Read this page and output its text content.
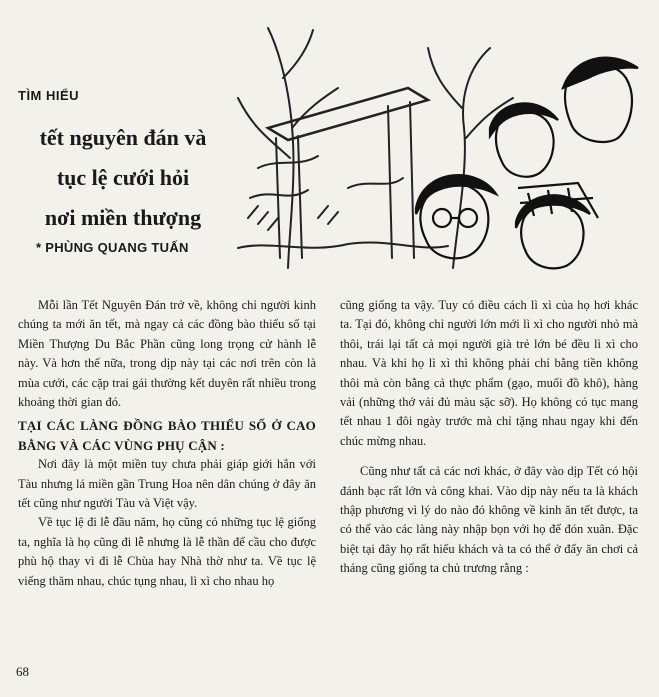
TÌM HIỂU
tết nguyên đán và
tục lệ cưới hỏi
nơi miền thượng
* PHÙNG QUANG TUẤN

Mỗi lần Tết Nguyên Đán trở về, không chỉ người kinh chúng ta mới ăn tết, mà ngay cả các đồng bào thiểu số tại Miền Thượng Du Bắc Phần cũng long trọng cử hành lễ này. Và hơn thế nữa, trong dịp này tại các nơi trên còn là mùa cưới, các cặp trai gái thường kết duyên rất nhiều trong khoảng thời gian đó.

TẠI CÁC LÀNG ĐỒNG BÀO THIỂU SỐ Ở CAO BẰNG VÀ CÁC VÙNG PHỤ CẬN :

Nơi đây là một miền tuy chưa phải giáp giới hẳn với Tàu nhưng lá miền gần Trung Hoa nên dân chúng ở đây ăn tết cũng như người Tàu và Việt vậy.

Về tục lệ đi lễ đầu năm, họ cũng có những tục lệ giống ta, nghĩa là họ cũng đi lễ nhưng là lễ thần để cầu cho được phù hộ thay vì đi lễ Chùa hay Nhà thờ như ta. Về tục lệ viếng thăm nhau, chúc tụng nhau, lì xì cho nhau họ

cũng giống ta vậy. Tuy có điều cách lì xì của họ hơi khác ta. Tại đó, không chỉ người lớn mới lì xì cho người nhỏ mà thôi, trái lại tất cả mọi người già trẻ lớn bé đều lì xì cho nhau. Và khi họ lì xì thì không phải chỉ bằng tiền không thôi mà còn bằng cả thực phẩm (gạo, muối đồ khô), hàng vải (những thớ vải đủ màu sặc sỡ). Họ không có tục mang tết nhau 1 đôi ngày trước mà chỉ tặng nhau ngay khi đến chúc mừng nhau.

Cũng như tất cả các nơi khác, ở đây vào dịp Tết có hội đánh bạc rất lớn và công khai. Vào dịp này nếu ta là khách thập phương vì lý do nào đó không về kinh ăn tết được, ta có thể vào các làng này nhập bọn với họ để đón xuân. Đặc biệt tại đây họ rất hiếu khách và ta có thể ở đấy ăn chơi cả tháng cũng giống ta chủ trương rằng :

68
